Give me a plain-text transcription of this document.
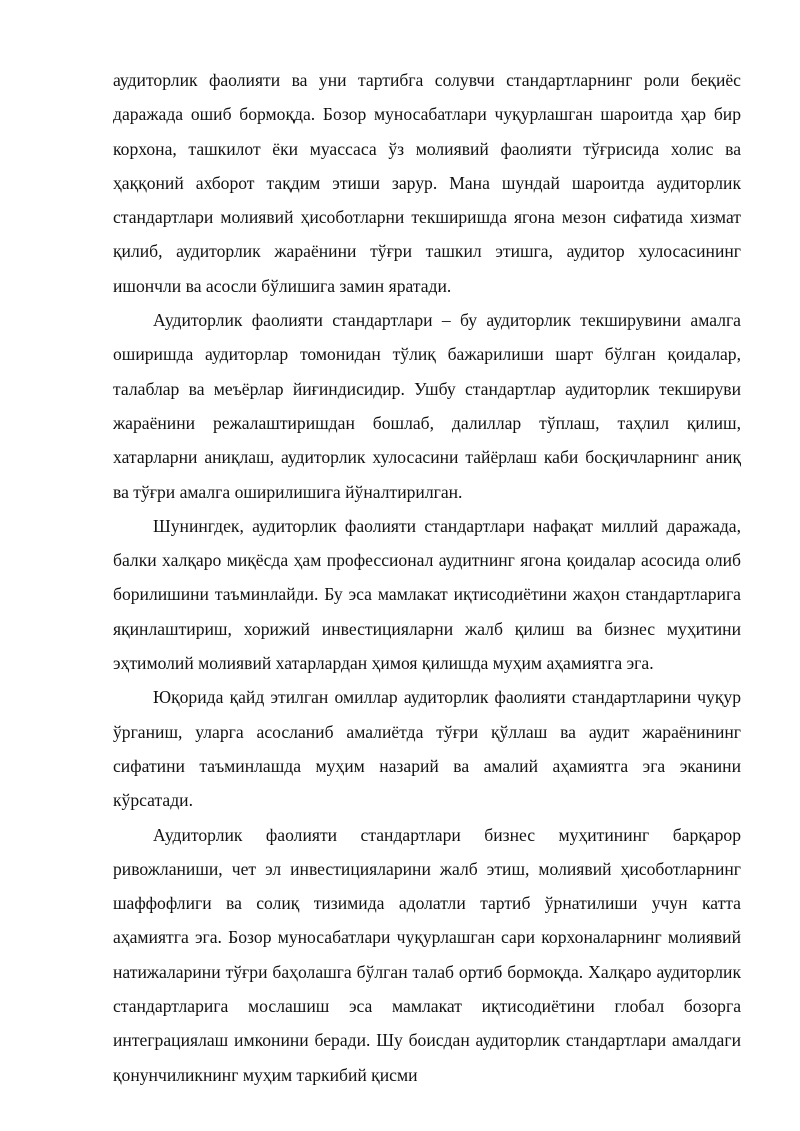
аудиторлик фаолияти ва уни тартибга солувчи стандартларнинг роли беқиёс даражада ошиб бормоқда. Бозор муносабатлари чуқурлашган шароитда ҳар бир корхона, ташкилот ёки муассаса ўз молиявий фаолияти тўғрисида холис ва ҳаққоний ахборот тақдим этиши зарур. Мана шундай шароитда аудиторлик стандартлари молиявий ҳисоботларни текширишда ягона мезон сифатида хизмат қилиб, аудиторлик жараёнини тўғри ташкил этишга, аудитор хулосасининг ишончли ва асосли бўлишига замин яратади.

Аудиторлик фаолияти стандартлари – бу аудиторлик текширувини амалга оширишда аудиторлар томонидан тўлиқ бажарилиши шарт бўлган қоидалар, талаблар ва меъёрлар йиғиндисидир. Ушбу стандартлар аудиторлик текшируви жараёнини режалаштиришдан бошлаб, далиллар тўплаш, таҳлил қилиш, хатарларни аниқлаш, аудиторлик хулосасини тайёрлаш каби босқичларнинг аниқ ва тўғри амалга оширилишига йўналтирилган.

Шунингдек, аудиторлик фаолияти стандартлари нафақат миллий даражада, балки халқаро миқёсда ҳам профессионал аудитнинг ягона қоидалар асосида олиб борилишини таъминлайди. Бу эса мамлакат иқтисодиётини жаҳон стандартларига яқинлаштириш, хорижий инвестицияларни жалб қилиш ва бизнес муҳитини эҳтимолий молиявий хатарлардан ҳимоя қилишда муҳим аҳамиятга эга.

Юқорида қайд этилган омиллар аудиторлик фаолияти стандартларини чуқур ўрганиш, уларга асосланиб амалиётда тўғри қўллаш ва аудит жараёнининг сифатини таъминлашда муҳим назарий ва амалий аҳамиятга эга эканини кўрсатади.

Аудиторлик фаолияти стандартлари бизнес муҳитининг барқарор ривожланиши, чет эл инвестицияларини жалб этиш, молиявий ҳисоботларнинг шаффофлиги ва солиқ тизимида адолатли тартиб ўрнатилиши учун катта аҳамиятга эга. Бозор муносабатлари чуқурлашган сари корхоналарнинг молиявий натижаларини тўғри баҳолашга бўлган талаб ортиб бормоқда. Халқаро аудиторлик стандартларига мослашиш эса мамлакат иқтисодиётини глобал бозорга интеграциялаш имконини беради. Шу боисдан аудиторлик стандартлари амалдаги қонунчиликнинг муҳим таркибий қисми
